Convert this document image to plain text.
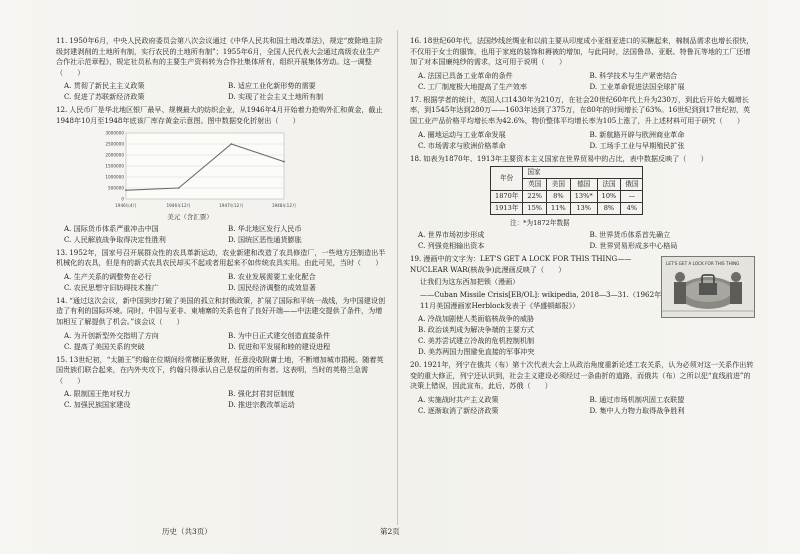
11. 1950年6月，中央人民政府委员会第八次会议通过《中华人民共和国土地改革法》，规定“废除地主阶级封建剥削的土地所有制，实行农民的土地所有制”；1955年6月，全国人民代表大会通过高级农业生产合作社示范章程》，规定社员私有的主要生产资料转为合作社集体所有，组织开展集体劳动。这一调整（　　）
A. 贯彻了新民主主义政策	B. 适应工业化新形势的需要
C. 促进了苏联新经济政策	D. 实现了社会主义土地所有制
12. 人民币厂是华北地区银厂最早、规模最大的纺织企业，从1946年4月开始着力抢购外汇和黄金，截止1948年10月至1948年底该厂库存黄金示意图。图中数据变化折射出（　　）
0
500000
1000000
1500000
2000000
2500000
3000000
1946年4月	1946年12月	1947年12月	1948年12月
美元（含汇票）
A. 国际货币体系严重冲击中国	B. 华北地区发行人民币
C. 人民解放战争取得决定性胜利	D. 国统区恶性通货膨胀
13. 1952年，国家号召开展群众性的农具革新运动，农业新建和改造了农具修造厂，一些地方还制造出半机械化的农具，但是有的新式农具农民却买不起或者用起来不如传统农具实用。由此可见，当时（　　）
A. 生产关系的调整势在必行	B. 农业发展需要工业化配合
C. 农民思想守旧妨碍技术推广	D. 国民经济调整的成效显著
14. “通过这次会议，新中国到步打破了美国的孤立和封锁政策，扩展了国际和平统一战线，为中国建设创造了有利的国际环境。同时，中国与亚非、東埔寨的关系也有了良好开端——中法建交提供了条件，为增加相互了解提供了机会。”该会议（　　）
A. 为开创新型外交指明了方向	B. 为中日正式建交创造直接条件
C. 提高了美国关系的突破	D. 促进和平发展和睦的建设进程
15. 13世纪初，“太随王”约翰在位期间经常横征暴敛财，任意没收附庸土地，不断增加城市捐税。随着英国贵族们联合起来，在内外夹攻下，约翰只得承认自己是权益的所有者。这表明，当时的英格兰急需（　　）
A. 限制国王绝对权力	B. 强化封君封臣制度
C. 加强民族国家建设	D. 推进宗教改革运动
16. 18世纪60年代，法国纱线丝绸业和以前主要从印度成小亚细亚进口的买糖起来，棉制品需求也增长很快，不仅用于女士的服饰，也用于家庭的装饰和褥被的增加，与此同时，法国鲁昂、亚眠、特鲁瓦等地的工厂还增加了对本国廉纯纱的需求，这可用于说明（　　）
A. 法国已具备工业革命的条件	B. 科学技术与生产紧密结合
C. 工厂制度极大地提高了生产效率	D. 工业革命促进法国全球扩展
17. 根据学者的统计，英国人口1430年为210万，在社会20世纪60年代上升为230万，到此后开始大幅增长率，到1545年达到280万——1603年达到了375万，在80年的时间增长了63%。16世纪到到17世纪初，英国工业产品价格平均增长率为42.6%，物价整体平均增长率为105上涨了，升上述材料可用于研究（　　）
A. 圈地运动与工业革命发展	B. 新航路开辟与欧洲商业革命
C. 市场需求与欧洲价格革命	D. 工场手工业与早期殖民扩张
18. 如表为1870年、1913年主要资本主义国家在世界贸易中的占比，表中数据反映了（　　）
年份	国家				
	英国	美国	德国	法国	俄国
1870年	22%	8%	13%*	10%	—
1913年	15%	11%	13%	8%	4%
注：*为1872年数据
A. 世界市场初步形成	B. 世界货币体系首先确立
C. 列强竞相输出资本	D. 世界贸易形成多中心格局
LET'S GET A LOCK FOR THIS THING
19. 漫画中的文字为：LET'S GET A LOCK FOR THIS THING——NUCLEAR WAR(核战争)此漫画反映了（　　）
让我们为这东西加把锁（漫画）
——Cuban Missile Crisis[EB/OL]: wikipedia, 2018—3—31.（1962年11月美国漫画家Herblock发表于《华盛顿邮报》）
A. 冷战加剧使人类面临核战争的威胁
B. 政治谈判成为解决争端的主要方式
C. 美苏尝试建立冷战的危机控制机制
D. 美苏两国力图避免直接的军事冲突
20. 1921年，列宁在俄共（布）第十次代表大会上从政治角度重新论述工农关系，认为必须对这一关系作出转变的重大修正，列宁还认识到，社会主义建设必须经过一条曲折的道路，而俄共（布）之所以犯“直线前进”的决策上错误，因此宣布，此后，苏俄（　　）
A. 实施战时共产主义政策	B. 通过市场机制巩固工农联盟
C. 逐渐取消了新经济政策	D. 集中人力物力取得战争胜利
历史（共3页）	第2页
